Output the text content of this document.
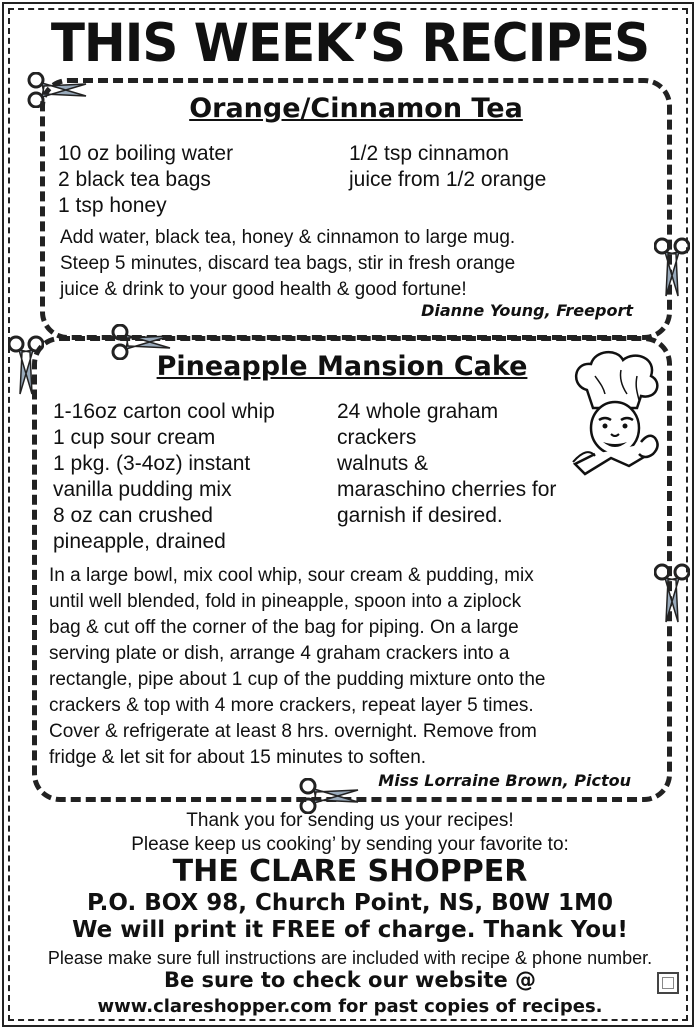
THIS WEEK’S RECIPES
Orange/Cinnamon Tea
10 oz boiling water
2 black tea bags
1 tsp honey
1/2 tsp cinnamon
juice from 1/2 orange
Add water, black tea, honey & cinnamon to large mug.
Steep 5 minutes, discard tea bags, stir in fresh orange
juice & drink to your good health & good fortune!
Dianne Young, Freeport
Pineapple Mansion Cake
1-16oz carton cool whip
1 cup sour cream
1 pkg. (3-4oz) instant
vanilla pudding mix
8 oz can crushed
pineapple, drained
24 whole graham
crackers
walnuts &
maraschino cherries for
garnish if desired.
In a large bowl, mix cool whip, sour cream & pudding, mix
until well blended, fold in pineapple, spoon into a ziplock
bag & cut off the corner of the bag for piping. On a large
serving plate or dish, arrange 4 graham crackers into a
rectangle, pipe about 1 cup of the pudding mixture onto the
crackers & top with 4 more crackers, repeat layer 5 times.
Cover & refrigerate at least 8 hrs. overnight. Remove from
fridge & let sit for about 15 minutes to soften.
Miss Lorraine Brown, Pictou
Thank you for sending us your recipes!
Please keep us cooking’ by sending your favorite to:
THE CLARE SHOPPER
P.O. BOX 98, Church Point, NS, B0W 1M0
We will print it FREE of charge. Thank You!
Please make sure full instructions are included with recipe & phone number.
Be sure to check our website @
www.clareshopper.com for past copies of recipes.
